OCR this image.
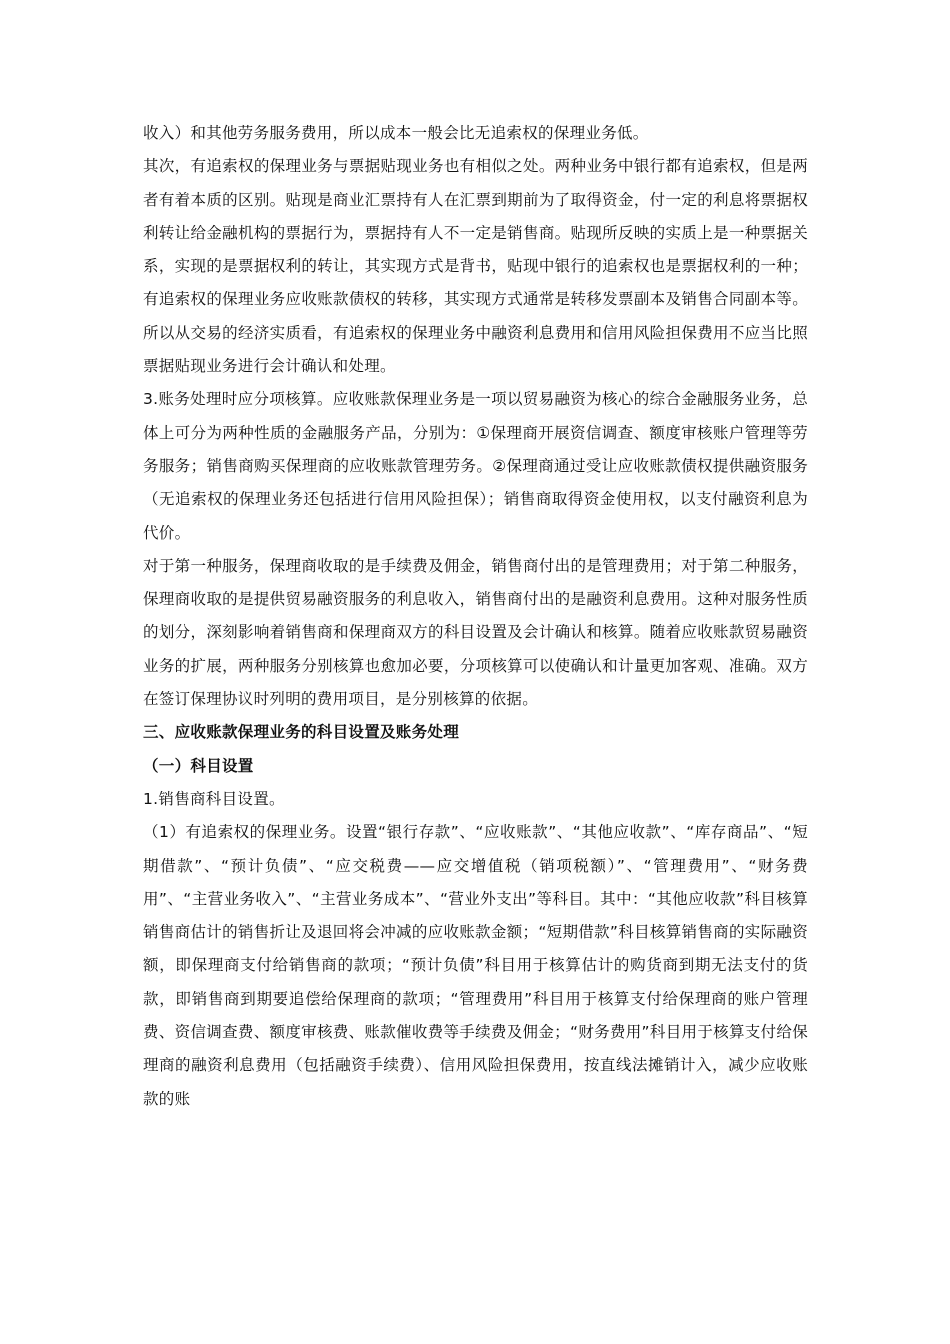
收入）和其他劳务服务费用，所以成本一般会比无追索权的保理业务低。

其次，有追索权的保理业务与票据贴现业务也有相似之处。两种业务中银行都有追索权，但是两者有着本质的区别。贴现是商业汇票持有人在汇票到期前为了取得资金，付一定的利息将票据权利转让给金融机构的票据行为，票据持有人不一定是销售商。贴现所反映的实质上是一种票据关系，实现的是票据权利的转让，其实现方式是背书，贴现中银行的追索权也是票据权利的一种；有追索权的保理业务应收账款债权的转移，其实现方式通常是转移发票副本及销售合同副本等。所以从交易的经济实质看，有追索权的保理业务中融资利息费用和信用风险担保费用不应当比照票据贴现业务进行会计确认和处理。

3.账务处理时应分项核算。应收账款保理业务是一项以贸易融资为核心的综合金融服务业务，总体上可分为两种性质的金融服务产品，分别为：①保理商开展资信调查、额度审核账户管理等劳务服务；销售商购买保理商的应收账款管理劳务。②保理商通过受让应收账款债权提供融资服务（无追索权的保理业务还包括进行信用风险担保）；销售商取得资金使用权，以支付融资利息为代价。

对于第一种服务，保理商收取的是手续费及佣金，销售商付出的是管理费用；对于第二种服务，保理商收取的是提供贸易融资服务的利息收入，销售商付出的是融资利息费用。这种对服务性质的划分，深刻影响着销售商和保理商双方的科目设置及会计确认和核算。随着应收账款贸易融资业务的扩展，两种服务分别核算也愈加必要，分项核算可以使确认和计量更加客观、准确。双方在签订保理协议时列明的费用项目，是分别核算的依据。

三、应收账款保理业务的科目设置及账务处理

（一）科目设置

1.销售商科目设置。

（1）有追索权的保理业务。设置“银行存款”、“应收账款”、“其他应收款”、“库存商品”、“短期借款”、“预计负债”、“应交税费——应交增值税（销项税额）”、“管理费用”、“财务费用”、“主营业务收入”、“主营业务成本”、“营业外支出”等科目。其中：“其他应收款”科目核算销售商估计的销售折让及退回将会冲减的应收账款金额；“短期借款”科目核算销售商的实际融资额，即保理商支付给销售商的款项；“预计负债”科目用于核算估计的购货商到期无法支付的货款，即销售商到期要追偿给保理商的款项；“管理费用”科目用于核算支付给保理商的账户管理费、资信调查费、额度审核费、账款催收费等手续费及佣金；“财务费用”科目用于核算支付给保理商的融资利息费用（包括融资手续费）、信用风险担保费用，按直线法摊销计入，减少应收账款的账
